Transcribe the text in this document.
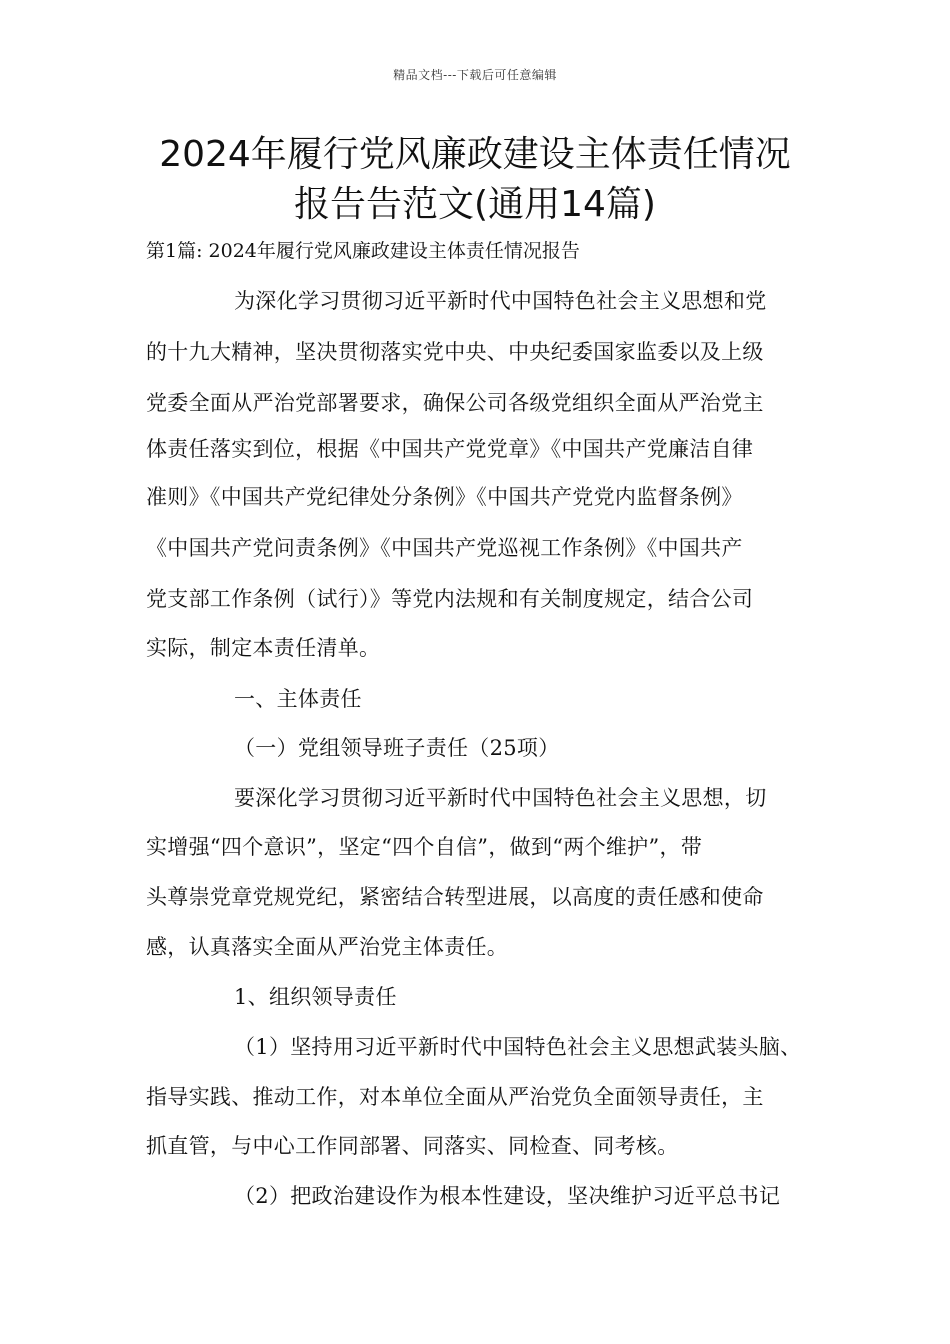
精品文档---下载后可任意编辑
2024年履行党风廉政建设主体责任情况
报告告范文(通用14篇)
第1篇: 2024年履行党风廉政建设主体责任情况报告
为深化学习贯彻习近平新时代中国特色社会主义思想和党
的十九大精神，坚决贯彻落实党中央、中央纪委国家监委以及上级
党委全面从严治党部署要求，确保公司各级党组织全面从严治党主
体责任落实到位，根据《中国共产党党章》《中国共产党廉洁自律
准则》《中国共产党纪律处分条例》《中国共产党党内监督条例》
《中国共产党问责条例》《中国共产党巡视工作条例》《中国共产
党支部工作条例（试行）》等党内法规和有关制度规定，结合公司
实际，制定本责任清单。
一、主体责任
（一）党组领导班子责任（25项）
要深化学习贯彻习近平新时代中国特色社会主义思想，切
实增强“四个意识”，坚定“四个自信”，做到“两个维护”，带
头尊崇党章党规党纪，紧密结合转型进展，以高度的责任感和使命
感，认真落实全面从严治党主体责任。
1、组织领导责任
（1）坚持用习近平新时代中国特色社会主义思想武装头脑、
指导实践、推动工作，对本单位全面从严治党负全面领导责任，主
抓直管，与中心工作同部署、同落实、同检查、同考核。
（2）把政治建设作为根本性建设，坚决维护习近平总书记
